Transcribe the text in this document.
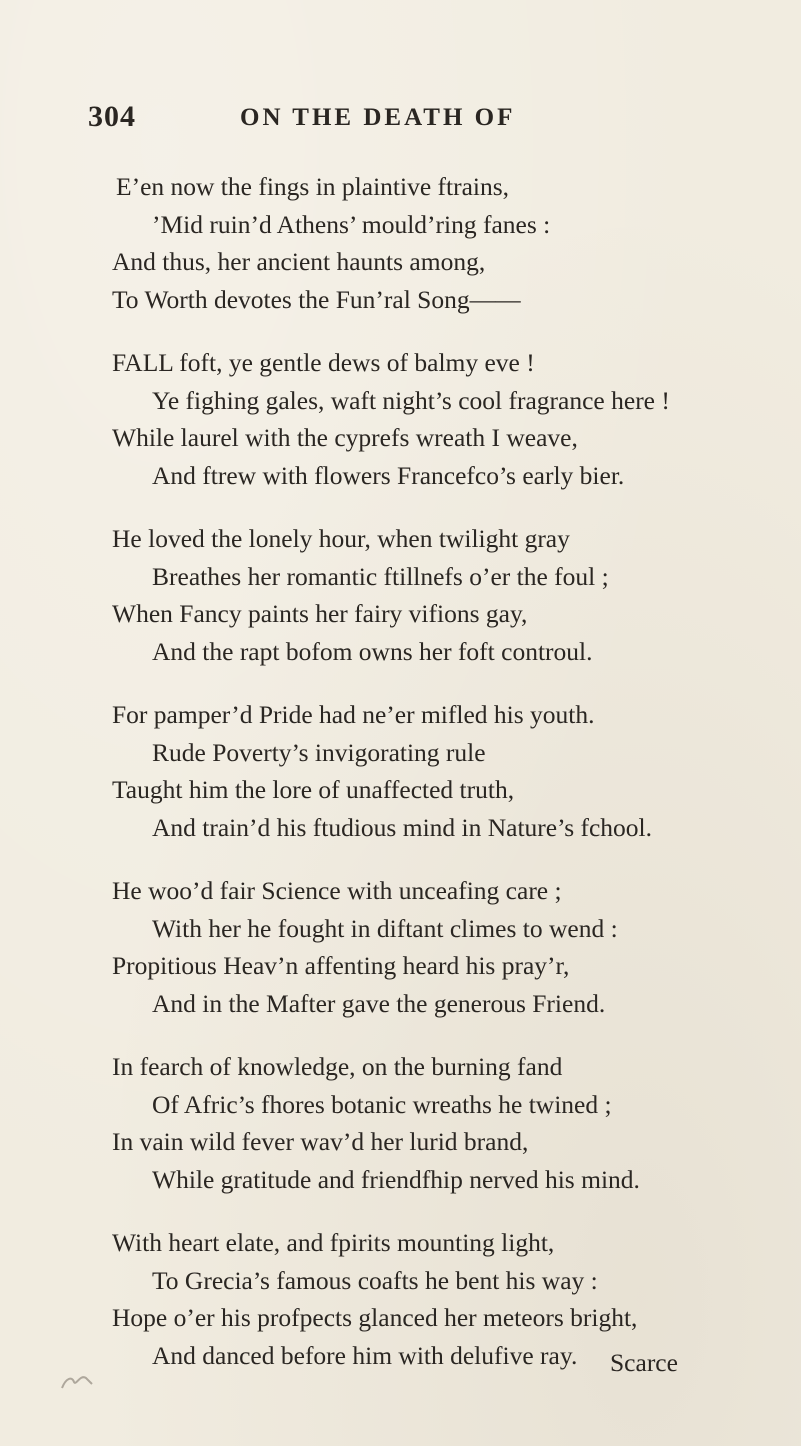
304	ON THE DEATH OF

E’en now the fings in plaintive ftrains,

’Mid ruin’d Athens’ mould’ring fanes :

And thus, her ancient haunts among,

To Worth devotes the Fun’ral Song——

FALL foft, ye gentle dews of balmy eve !

Ye fighing gales, waft night’s cool fragrance here !

While laurel with the cyprefs wreath I weave,

And ftrew with flowers Francefco’s early bier.

He loved the lonely hour, when twilight gray

Breathes her romantic ftillnefs o’er the foul ;

When Fancy paints her fairy vifions gay,

And the rapt bofom owns her foft controul.

For pamper’d Pride had ne’er mifled his youth.

Rude Poverty’s invigorating rule

Taught him the lore of unaffected truth,

And train’d his ftudious mind in Nature’s fchool.

He woo’d fair Science with unceafing care ;

With her he fought in diftant climes to wend :

Propitious Heav’n affenting heard his pray’r,

And in the Mafter gave the generous Friend.

In fearch of knowledge, on the burning fand

Of Afric’s fhores botanic wreaths he twined ;

In vain wild fever wav’d her lurid brand,

While gratitude and friendfhip nerved his mind.

With heart elate, and fpirits mounting light,

To Grecia’s famous coafts he bent his way :

Hope o’er his profpects glanced her meteors bright,

And danced before him with delufive ray.	Scarce
